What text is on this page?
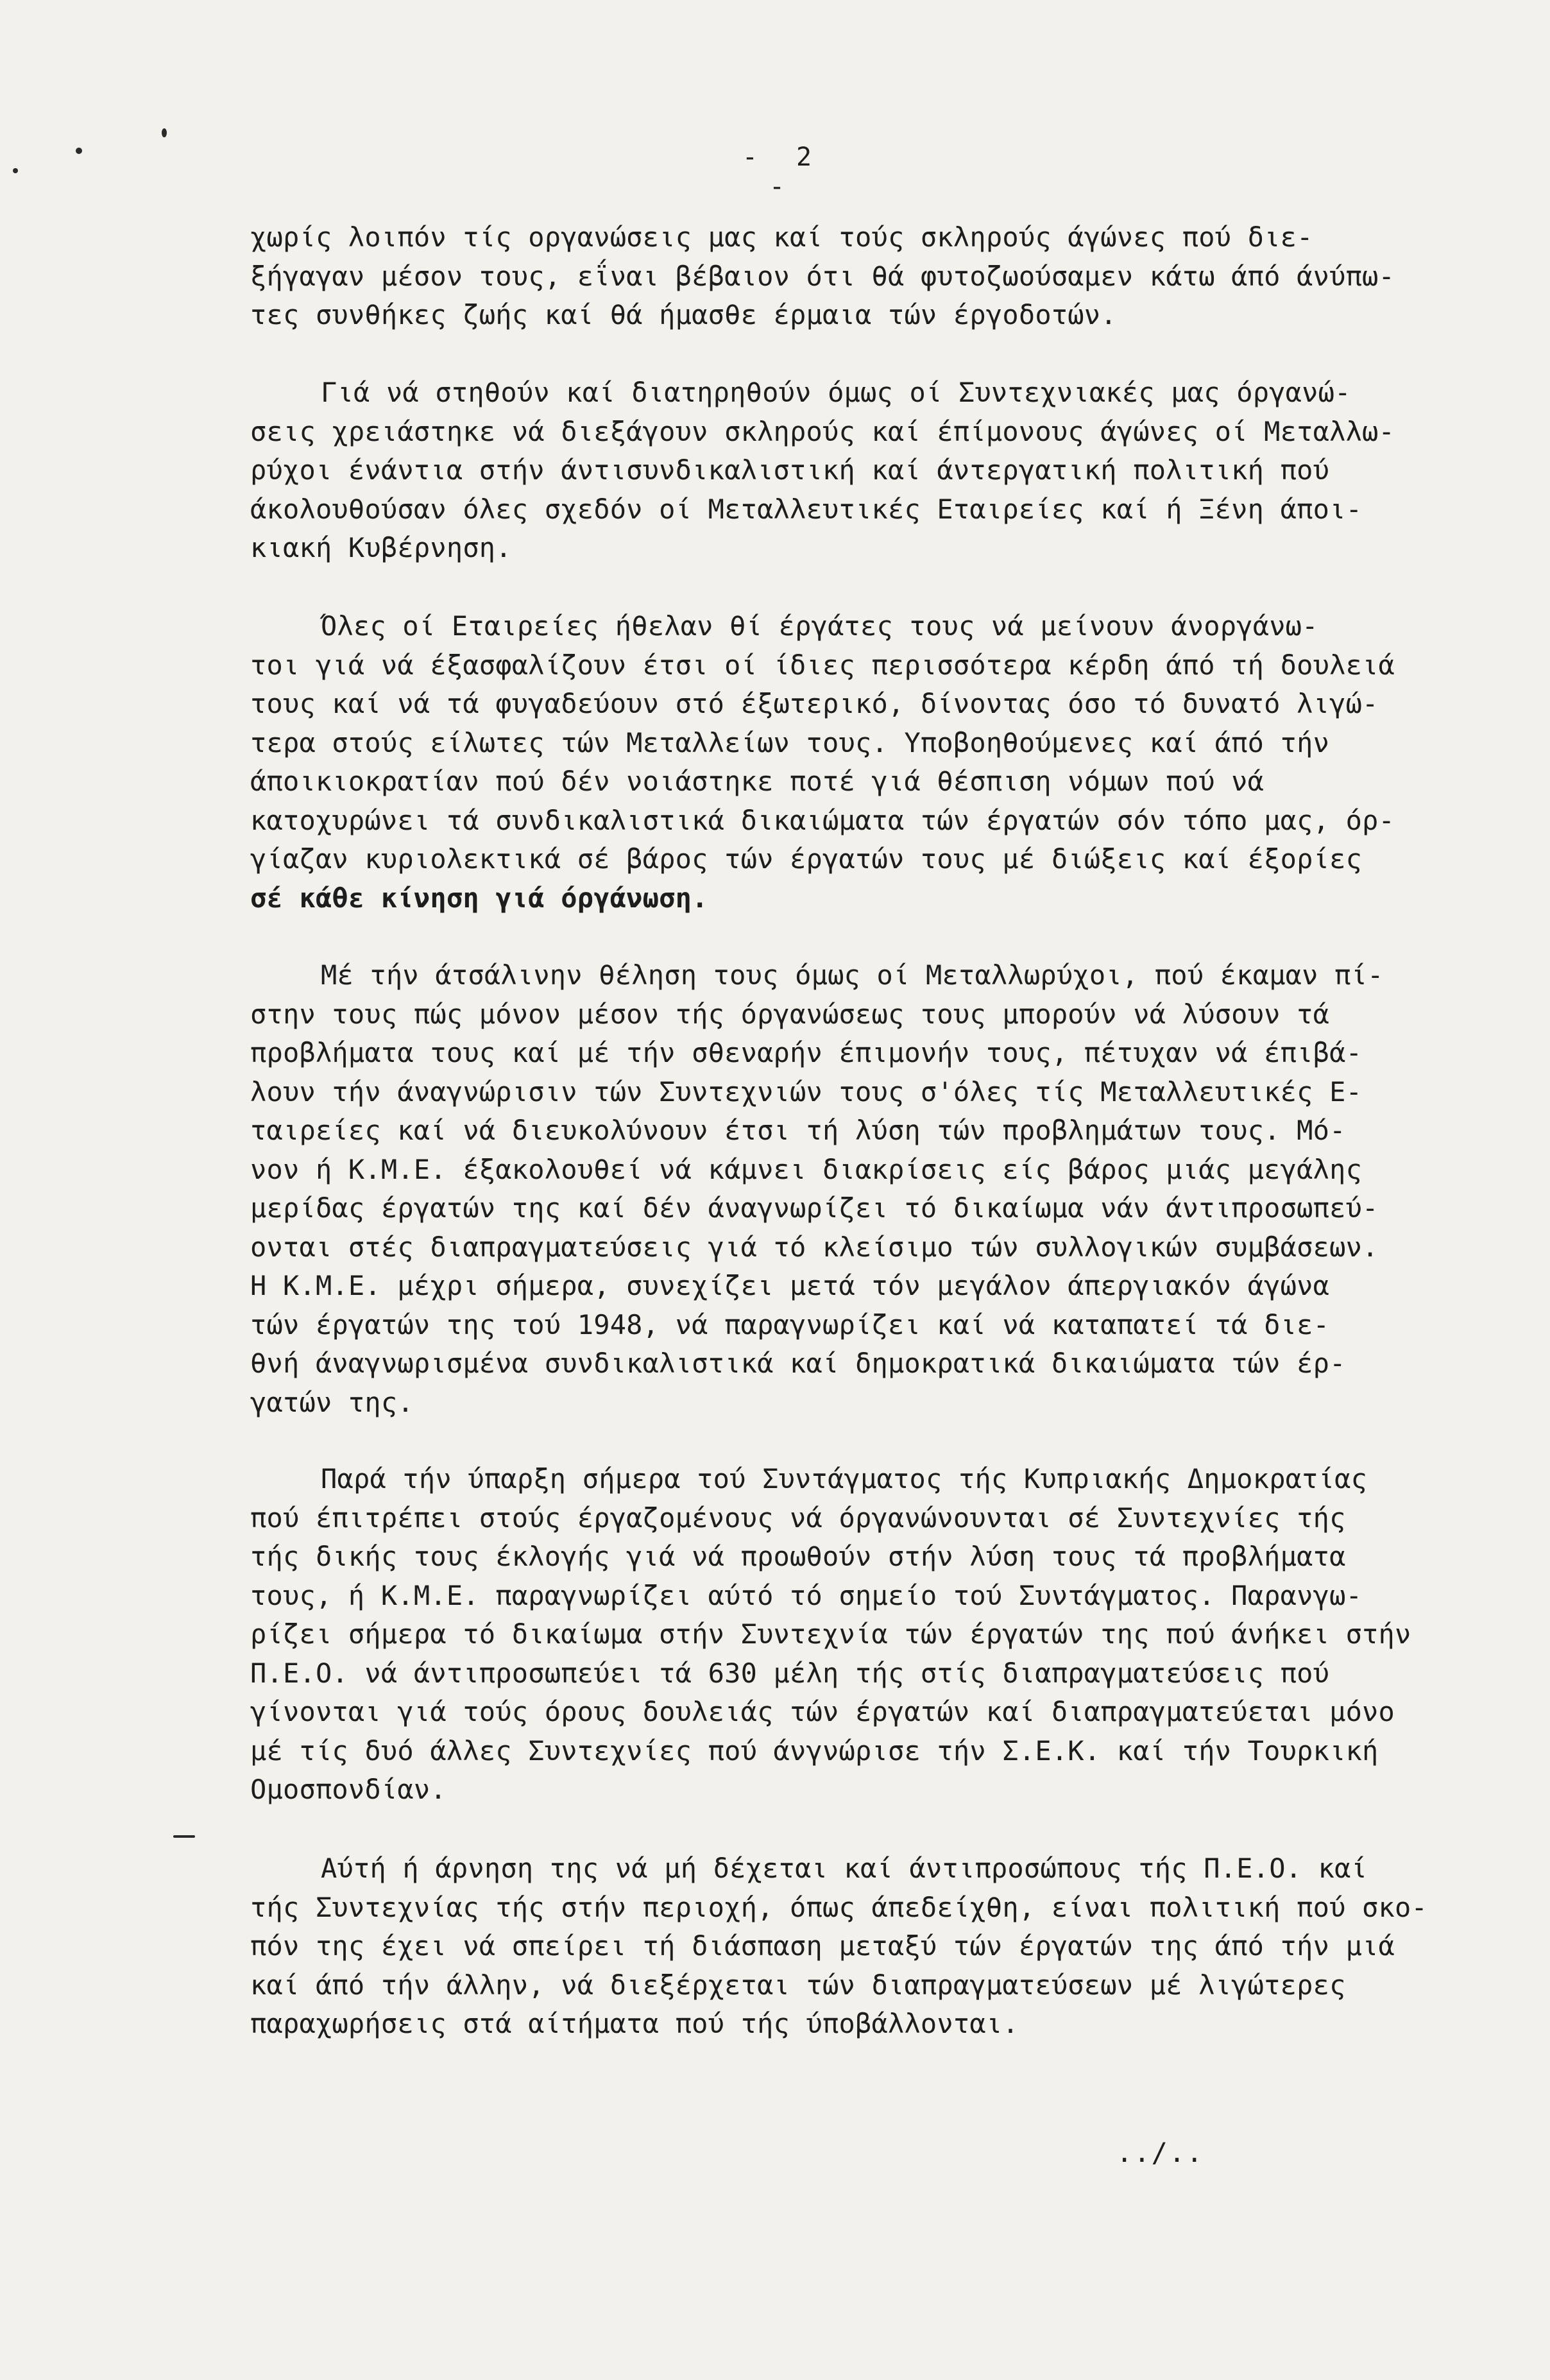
- 2 -
χωρίς λοιπόν τίς οργανώσεις μας καί τούς σκληρούς άγώνες πού διε-
ξήγαγαν μέσον τους, εΐναι βέβαιον ότι θά φυτοζωούσαμεν κάτω άπό άνύπω-
τες συνθήκες ζωής καί θά ήμασθε έρμαια τών έργοδοτών.
Γιά νά στηθούν καί διατηρηθούν όμως οί Συντεχνιακές μας όργανώ-
σεις χρειάστηκε νά διεξάγουν σκληρούς καί έπίμονους άγώνες οί Μεταλλω-
ρύχοι ένάντια στήν άντισυνδικαλιστική καί άντεργατική πολιτική πού
άκολουθούσαν όλες σχεδόν οί Μεταλλευτικές Εταιρείες καί ή Ξένη άποι-
κιακή Κυβέρνηση.
Όλες οί Εταιρείες ήθελαν θί έργάτες τους νά μείνουν άνοργάνω-
τοι γιά νά έξασφαλίζουν έτσι οί ίδιες περισσότερα κέρδη άπό τή δουλειά
τους καί νά τά φυγαδεύουν στό έξωτερικό, δίνοντας όσο τό δυνατό λιγώ-
τερα στούς είλωτες τών Μεταλλείων τους. Υποβοηθούμενες καί άπό τήν
άποικιοκρατίαν πού δέν νοιάστηκε ποτέ γιά θέσπιση νόμων πού νά
κατοχυρώνει τά συνδικαλιστικά δικαιώματα τών έργατών σόν τόπο μας, όρ-
γίαζαν κυριολεκτικά σέ βάρος τών έργατών τους μέ διώξεις καί έξορίες
σέ κάθε κίνηση γιά όργάνωση.
Μέ τήν άτσάλινην θέληση τους όμως οί Μεταλλωρύχοι, πού έκαμαν πί-
στην τους πώς μόνον μέσον τής όργανώσεως τους μπορούν νά λύσουν τά
προβλήματα τους καί μέ τήν σθεναρήν έπιμονήν τους, πέτυχαν νά έπιβά-
λουν τήν άναγνώρισιν τών Συντεχνιών τους σ'όλες τίς Μεταλλευτικές Ε-
ταιρείες καί νά διευκολύνουν έτσι τή λύση τών προβλημάτων τους. Μό-
νον ή Κ.Μ.Ε. έξακολουθεί νά κάμνει διακρίσεις είς βάρος μιάς μεγάλης
μερίδας έργατών της καί δέν άναγνωρίζει τό δικαίωμα νάν άντιπροσωπεύ-
ονται στές διαπραγματεύσεις γιά τό κλείσιμο τών συλλογικών συμβάσεων.
Η Κ.Μ.Ε. μέχρι σήμερα, συνεχίζει μετά τόν μεγάλον άπεργιακόν άγώνα
τών έργατών της τού 1948, νά παραγνωρίζει καί νά καταπατεί τά διε-
θνή άναγνωρισμένα συνδικαλιστικά καί δημοκρατικά δικαιώματα τών έρ-
γατών της.
Παρά τήν ύπαρξη σήμερα τού Συντάγματος τής Κυπριακής Δημοκρατίας
πού έπιτρέπει στούς έργαζομένους νά όργανώνουνται σέ Συντεχνίες τής
τής δικής τους έκλογής γιά νά προωθούν στήν λύση τους τά προβλήματα
τους, ή Κ.Μ.Ε. παραγνωρίζει αύτό τό σημείο τού Συντάγματος. Παρανγω-
ρίζει σήμερα τό δικαίωμα στήν Συντεχνία τών έργατών της πού άνήκει στήν
Π.Ε.Ο. νά άντιπροσωπεύει τά 630 μέλη τής στίς διαπραγματεύσεις πού
γίνονται γιά τούς όρους δουλειάς τών έργατών καί διαπραγματεύεται μόνο
μέ τίς δυό άλλες Συντεχνίες πού άνγνώρισε τήν Σ.Ε.Κ. καί τήν Τουρκική
Ομοσπονδίαν.
Αύτή ή άρνηση της νά μή δέχεται καί άντιπροσώπους τής Π.Ε.Ο. καί
τής Συντεχνίας τής στήν περιοχή, όπως άπεδείχθη, είναι πολιτική πού σκο-
πόν της έχει νά σπείρει τή διάσπαση μεταξύ τών έργατών της άπό τήν μιά
καί άπό τήν άλλην, νά διεξέρχεται τών διαπραγματεύσεων μέ λιγώτερες
παραχωρήσεις στά αίτήματα πού τής ύποβάλλονται.
../..
